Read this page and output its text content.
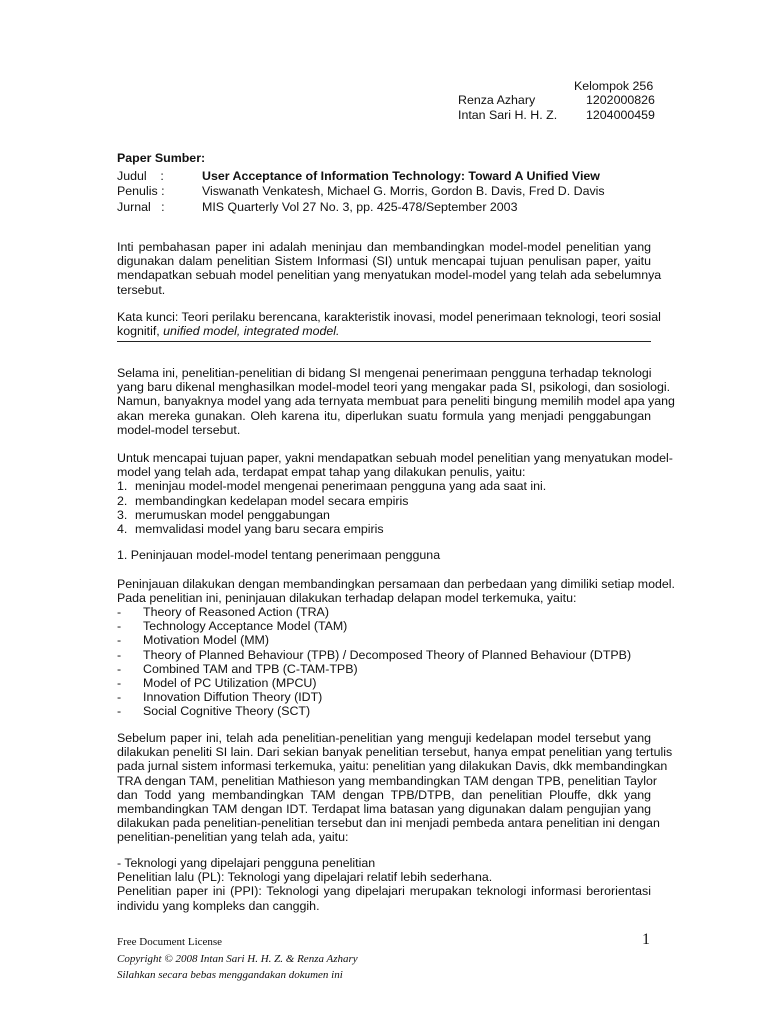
Kelompok 256
Renza Azhary	1202000826
Intan Sari H. H. Z. 1204000459
Paper Sumber:
Judul    :	User Acceptance of Information Technology: Toward A Unified View
Penulis :	Viswanath Venkatesh, Michael G. Morris, Gordon B. Davis, Fred D. Davis
Jurnal   :	MIS Quarterly Vol 27 No. 3, pp. 425-478/September 2003
Inti pembahasan paper ini adalah meninjau dan membandingkan model-model penelitian yang
digunakan dalam penelitian Sistem Informasi (SI) untuk mencapai tujuan penulisan paper, yaitu
mendapatkan sebuah model penelitian yang menyatukan model-model yang telah ada sebelumnya
tersebut.
Kata kunci: Teori perilaku berencana, karakteristik inovasi, model penerimaan teknologi, teori sosial
kognitif, unified model, integrated model.
Selama ini, penelitian-penelitian di bidang SI mengenai penerimaan pengguna terhadap teknologi
yang baru dikenal menghasilkan model-model teori yang mengakar pada SI, psikologi, dan sosiologi.
Namun, banyaknya model yang ada ternyata membuat para peneliti bingung memilih model apa yang
akan mereka gunakan. Oleh karena itu, diperlukan suatu formula yang menjadi penggabungan
model-model tersebut.
Untuk mencapai tujuan paper, yakni mendapatkan sebuah model penelitian yang menyatukan model-
model yang telah ada, terdapat empat tahap yang dilakukan penulis, yaitu:
1. meninjau model-model mengenai penerimaan pengguna yang ada saat ini.
2. membandingkan kedelapan model secara empiris
3. merumuskan model penggabungan
4. memvalidasi model yang baru secara empiris
1. Peninjauan model-model tentang penerimaan pengguna
Peninjauan dilakukan dengan membandingkan persamaan dan perbedaan yang dimiliki setiap model.
Pada penelitian ini, peninjauan dilakukan terhadap delapan model terkemuka, yaitu:
-	Theory of Reasoned Action (TRA)
-	Technology Acceptance Model (TAM)
-	Motivation Model (MM)
-	Theory of Planned Behaviour (TPB) / Decomposed Theory of Planned Behaviour (DTPB)
-	Combined TAM and TPB (C-TAM-TPB)
-	Model of PC Utilization (MPCU)
-	Innovation Diffution Theory (IDT)
-	Social Cognitive Theory (SCT)
Sebelum paper ini, telah ada penelitian-penelitian yang menguji kedelapan model tersebut yang
dilakukan peneliti SI lain. Dari sekian banyak penelitian tersebut, hanya empat penelitian yang tertulis
pada jurnal sistem informasi terkemuka, yaitu: penelitian yang dilakukan Davis, dkk membandingkan
TRA dengan TAM, penelitian Mathieson yang membandingkan TAM dengan TPB, penelitian Taylor
dan Todd yang membandingkan TAM dengan TPB/DTPB, dan penelitian Plouffe, dkk yang
membandingkan TAM dengan IDT. Terdapat lima batasan yang digunakan dalam pengujian yang
dilakukan pada penelitian-penelitian tersebut dan ini menjadi pembeda antara penelitian ini dengan
penelitian-penelitian yang telah ada, yaitu:
- Teknologi yang dipelajari pengguna penelitian
Penelitian lalu (PL): Teknologi yang dipelajari relatif lebih sederhana.
Penelitian paper ini (PPI): Teknologi yang dipelajari merupakan teknologi informasi berorientasi
individu yang kompleks dan canggih.
Free Document License
Copyright © 2008 Intan Sari H. H. Z. & Renza Azhary
Silahkan secara bebas menggandakan dokumen ini
1
